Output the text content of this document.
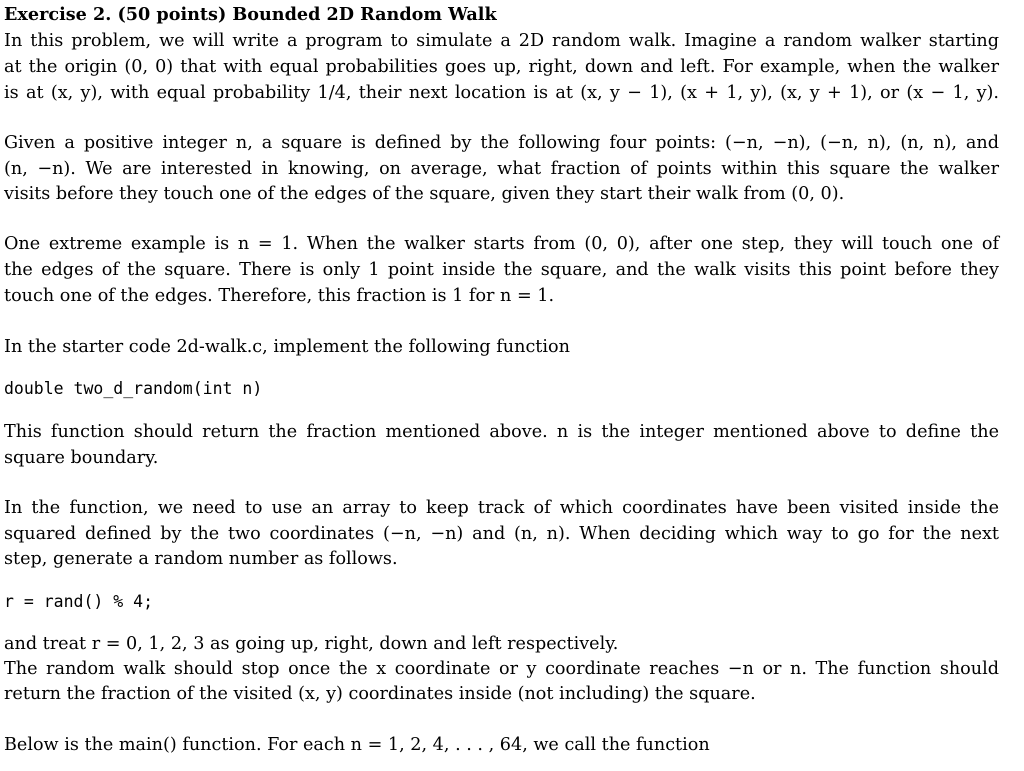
Exercise 2. (50 points) Bounded 2D Random Walk
In this problem, we will write a program to simulate a 2D random walk. Imagine a random walker starting
at the origin (0, 0) that with equal probabilities goes up, right, down and left. For example, when the walker
is at (x, y), with equal probability 1/4, their next location is at (x, y − 1), (x + 1, y), (x, y + 1), or (x − 1, y).
Given a positive integer n, a square is defined by the following four points: (−n, −n), (−n, n), (n, n), and
(n, −n). We are interested in knowing, on average, what fraction of points within this square the walker
visits before they touch one of the edges of the square, given they start their walk from (0, 0).
One extreme example is n = 1. When the walker starts from (0, 0), after one step, they will touch one of
the edges of the square. There is only 1 point inside the square, and the walk visits this point before they
touch one of the edges. Therefore, this fraction is 1 for n = 1.
In the starter code 2d-walk.c, implement the following function
double two_d_random(int n)
This function should return the fraction mentioned above. n is the integer mentioned above to define the
square boundary.
In the function, we need to use an array to keep track of which coordinates have been visited inside the
squared defined by the two coordinates (−n, −n) and (n, n). When deciding which way to go for the next
step, generate a random number as follows.
r = rand() % 4;
and treat r = 0, 1, 2, 3 as going up, right, down and left respectively.
The random walk should stop once the x coordinate or y coordinate reaches −n or n. The function should
return the fraction of the visited (x, y) coordinates inside (not including) the square.
Below is the main() function. For each n = 1, 2, 4, . . . , 64, we call the function
